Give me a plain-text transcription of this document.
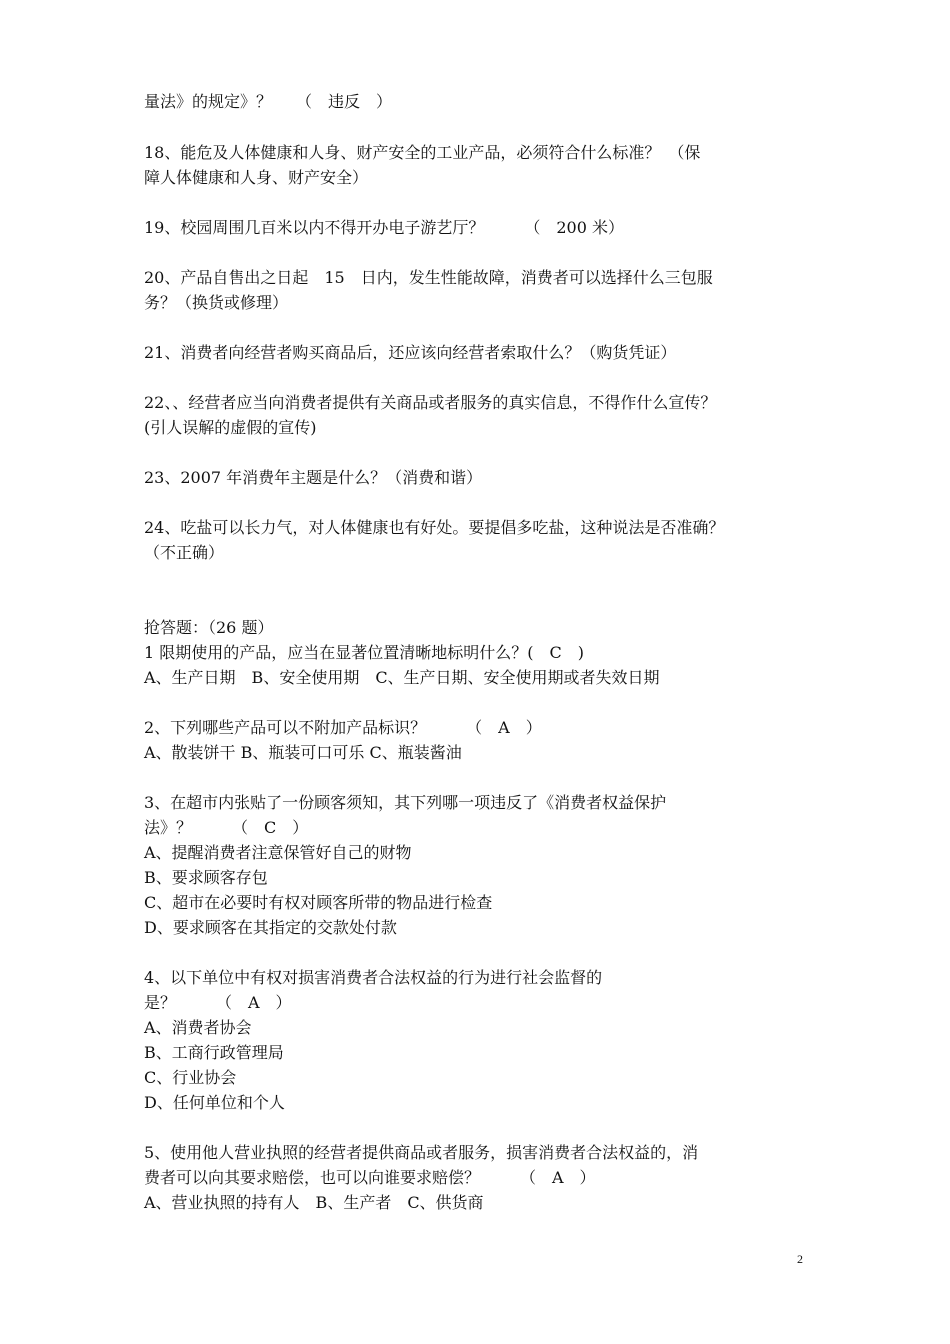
量法》的规定》？　　（　违反　）
18、能危及人体健康和人身、财产安全的工业产品，必须符合什么标准？　（保
障人体健康和人身、财产安全）
19、校园周围几百米以内不得开办电子游艺厅？　　　（　200 米）
20、产品自售出之日起　15　日内，发生性能故障，消费者可以选择什么三包服
务？（换货或修理）
21、消费者向经营者购买商品后，还应该向经营者索取什么？（购货凭证）
22、、经营者应当向消费者提供有关商品或者服务的真实信息，不得作什么宣传？
(引人误解的虚假的宣传)
23、2007 年消费年主题是什么？（消费和谐）
24、吃盐可以长力气，对人体健康也有好处。要提倡多吃盐，这种说法是否准确？
（不正确）
抢答题：（26 题）
1 限期使用的产品，应当在显著位置清晰地标明什么？(　C　)
A、生产日期　B、安全使用期　C、生产日期、安全使用期或者失效日期
2、下列哪些产品可以不附加产品标识？　　　（　A　）
A、散装饼干 B、瓶装可口可乐 C、瓶装酱油
3、在超市内张贴了一份顾客须知，其下列哪一项违反了《消费者权益保护
法》？　　　（　C　）
A、提醒消费者注意保管好自己的财物
B、要求顾客存包
C、超市在必要时有权对顾客所带的物品进行检查
D、要求顾客在其指定的交款处付款
4、以下单位中有权对损害消费者合法权益的行为进行社会监督的
是？　　　（　A　）
A、消费者协会
B、工商行政管理局
C、行业协会
D、任何单位和个人
5、使用他人营业执照的经营者提供商品或者服务，损害消费者合法权益的，消
费者可以向其要求赔偿，也可以向谁要求赔偿？　　　（　A　）
A、营业执照的持有人　B、生产者　C、供货商
2
